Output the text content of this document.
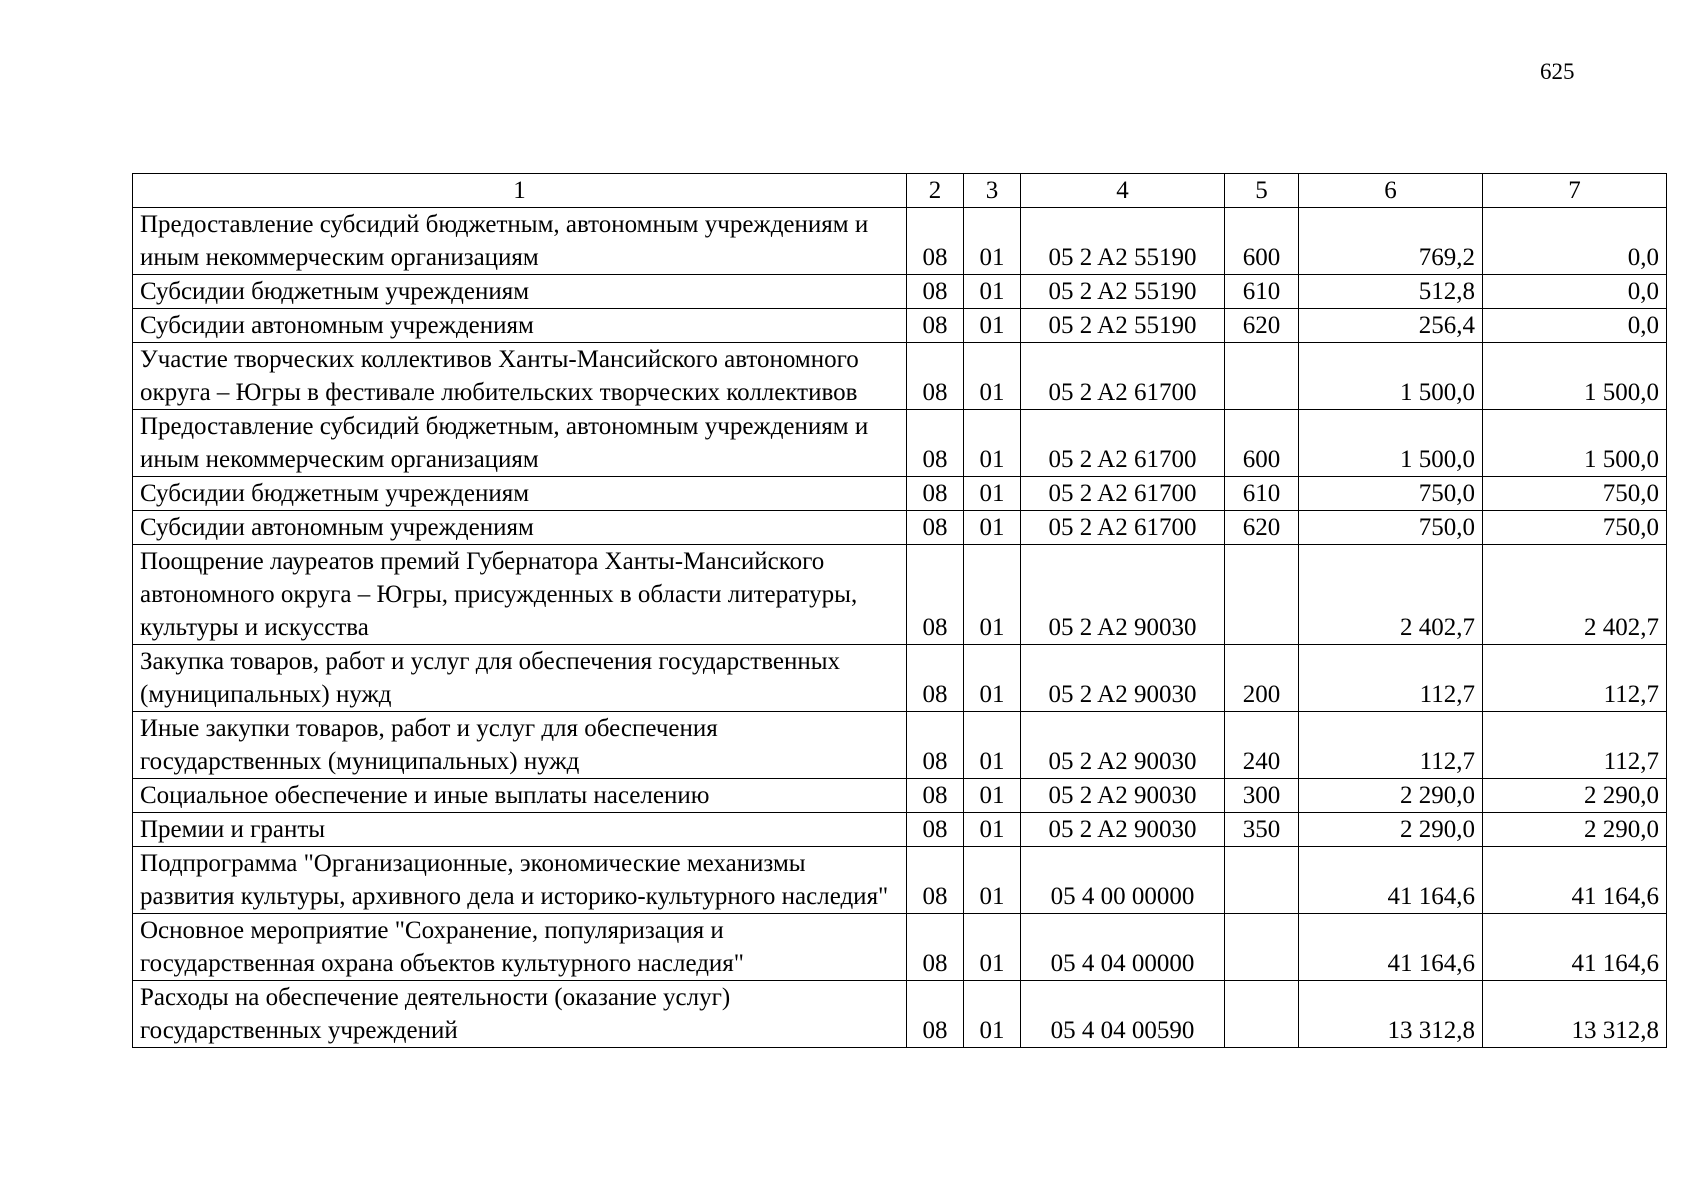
625
1	2	3	4	5	6	7
Предоставление субсидий бюджетным, автономным учреждениям и иным некоммерческим организациям	08	01	05 2 A2 55190	600	769,2	0,0
Субсидии бюджетным учреждениям	08	01	05 2 A2 55190	610	512,8	0,0
Субсидии автономным учреждениям	08	01	05 2 A2 55190	620	256,4	0,0
Участие творческих коллективов Ханты-Мансийского автономного округа – Югры в фестивале любительских творческих коллективов	08	01	05 2 A2 61700		1 500,0	1 500,0
Предоставление субсидий бюджетным, автономным учреждениям и иным некоммерческим организациям	08	01	05 2 A2 61700	600	1 500,0	1 500,0
Субсидии бюджетным учреждениям	08	01	05 2 A2 61700	610	750,0	750,0
Субсидии автономным учреждениям	08	01	05 2 A2 61700	620	750,0	750,0
Поощрение лауреатов премий Губернатора Ханты-Мансийского автономного округа – Югры, присужденных в области литературы, культуры и искусства	08	01	05 2 A2 90030		2 402,7	2 402,7
Закупка товаров, работ и услуг для обеспечения государственных (муниципальных) нужд	08	01	05 2 A2 90030	200	112,7	112,7
Иные закупки товаров, работ и услуг для обеспечения государственных (муниципальных) нужд	08	01	05 2 A2 90030	240	112,7	112,7
Социальное обеспечение и иные выплаты населению	08	01	05 2 A2 90030	300	2 290,0	2 290,0
Премии и гранты	08	01	05 2 A2 90030	350	2 290,0	2 290,0
Подпрограмма "Организационные, экономические механизмы развития культуры, архивного дела и историко-культурного наследия"	08	01	05 4 00 00000		41 164,6	41 164,6
Основное мероприятие "Сохранение, популяризация и государственная охрана объектов культурного наследия"	08	01	05 4 04 00000		41 164,6	41 164,6
Расходы на обеспечение деятельности (оказание услуг) государственных учреждений	08	01	05 4 04 00590		13 312,8	13 312,8
